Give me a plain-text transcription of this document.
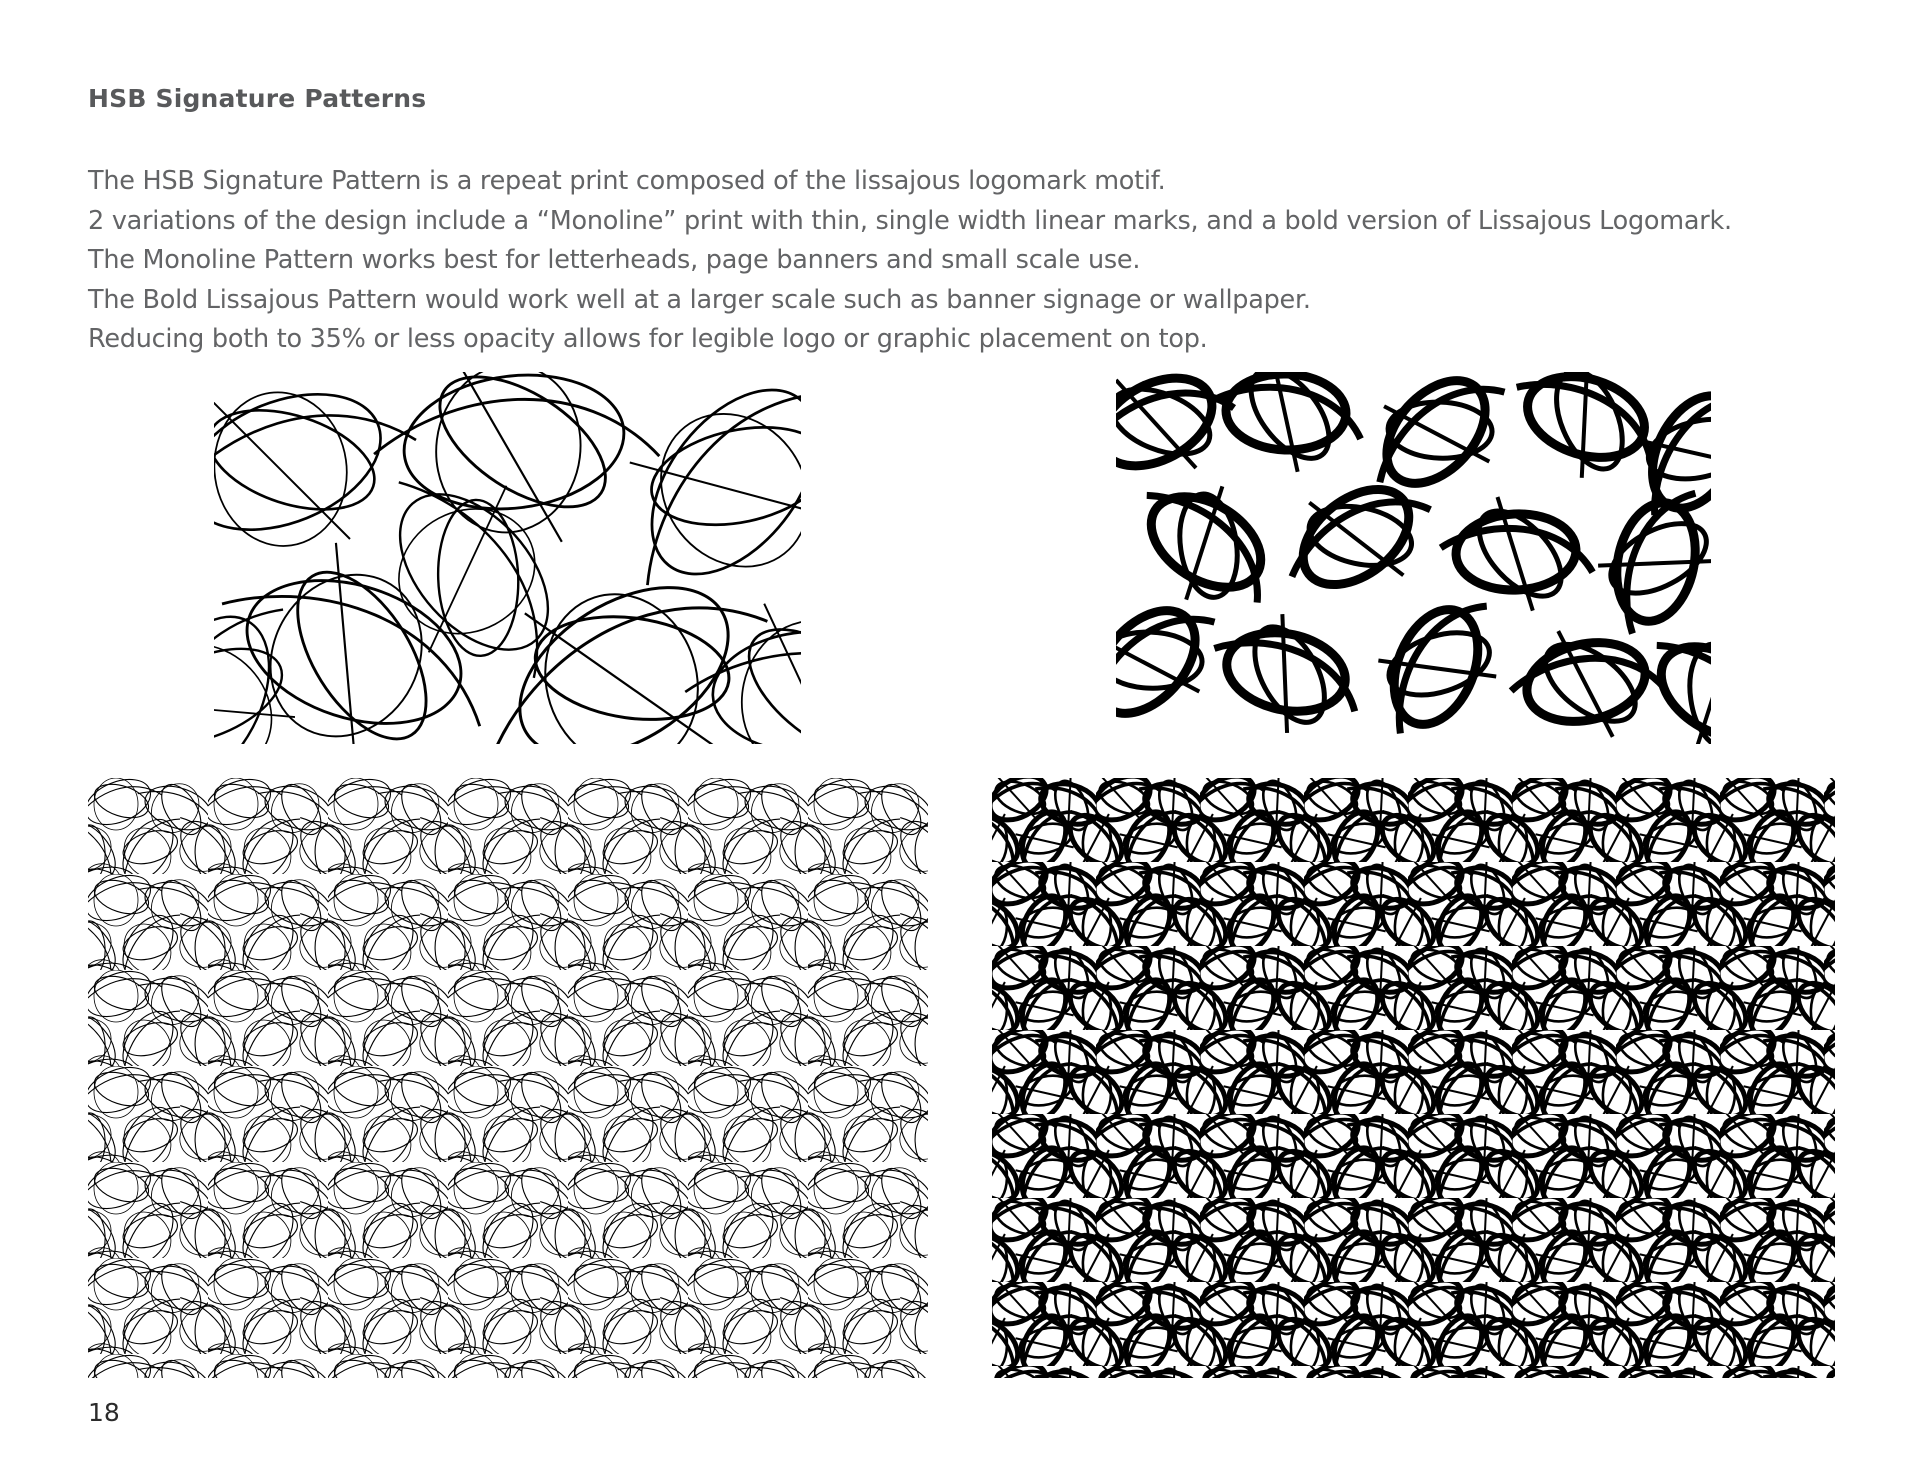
HSB Signature Patterns
The HSB Signature Pattern is a repeat print composed of the lissajous logomark motif.
2 variations of the design include a “Monoline” print with thin, single width linear marks, and a bold version of Lissajous Logomark.
The Monoline Pattern works best for letterheads, page banners and small scale use.
The Bold Lissajous Pattern would work well at a larger scale such as banner signage or wallpaper.
Reducing both to 35% or less opacity allows for legible logo or graphic placement on top.
18
